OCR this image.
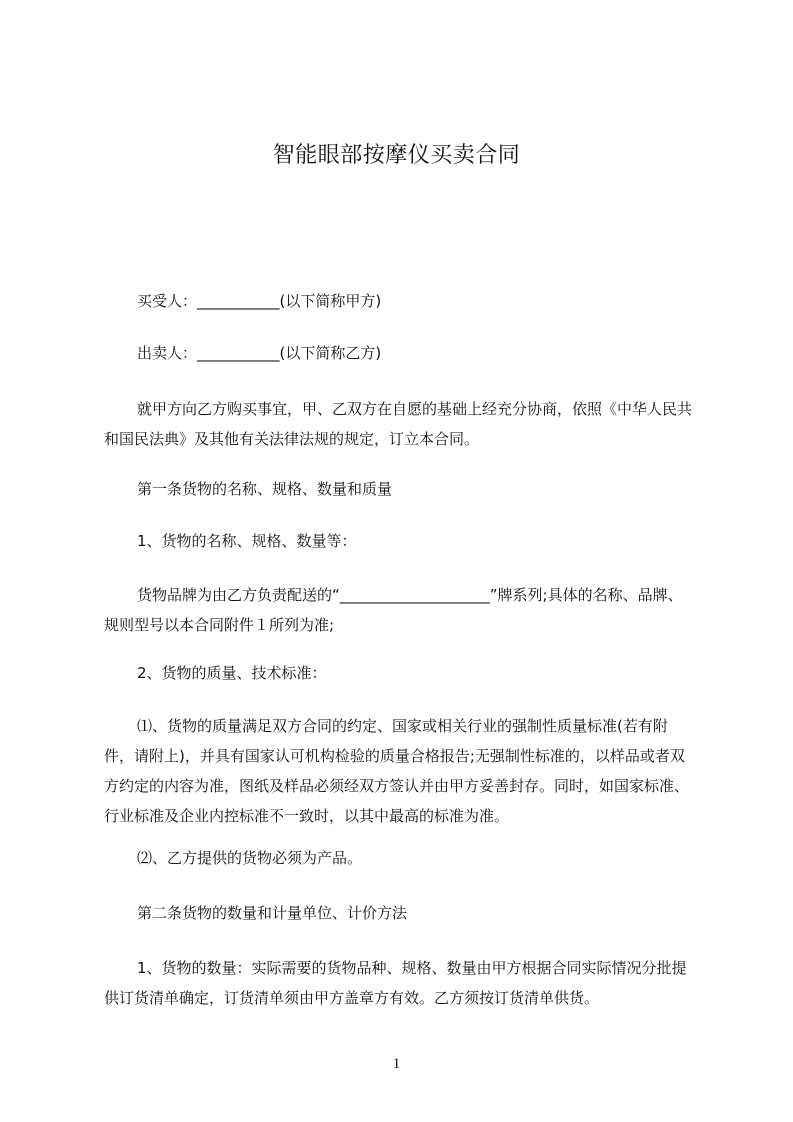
智能眼部按摩仪买卖合同

买受人：___________(以下简称甲方)

出卖人：___________(以下简称乙方)

就甲方向乙方购买事宜，甲、乙双方在自愿的基础上经充分协商，依照《中华人民共和国民法典》及其他有关法律法规的规定，订立本合同。

第一条货物的名称、规格、数量和质量

1、货物的名称、规格、数量等：

货物品牌为由乙方负责配送的“____________________”牌系列;具体的名称、品牌、规则型号以本合同附件１所列为准;

2、货物的质量、技术标准：

⑴、货物的质量满足双方合同的约定、国家或相关行业的强制性质量标准(若有附件，请附上)，并具有国家认可机构检验的质量合格报告;无强制性标准的，以样品或者双方约定的内容为准，图纸及样品必须经双方签认并由甲方妥善封存。同时，如国家标准、行业标准及企业内控标准不一致时，以其中最高的标准为准。

⑵、乙方提供的货物必须为产品。

第二条货物的数量和计量单位、计价方法

1、货物的数量：实际需要的货物品种、规格、数量由甲方根据合同实际情况分批提供订货清单确定，订货清单须由甲方盖章方有效。乙方须按订货清单供货。

1
